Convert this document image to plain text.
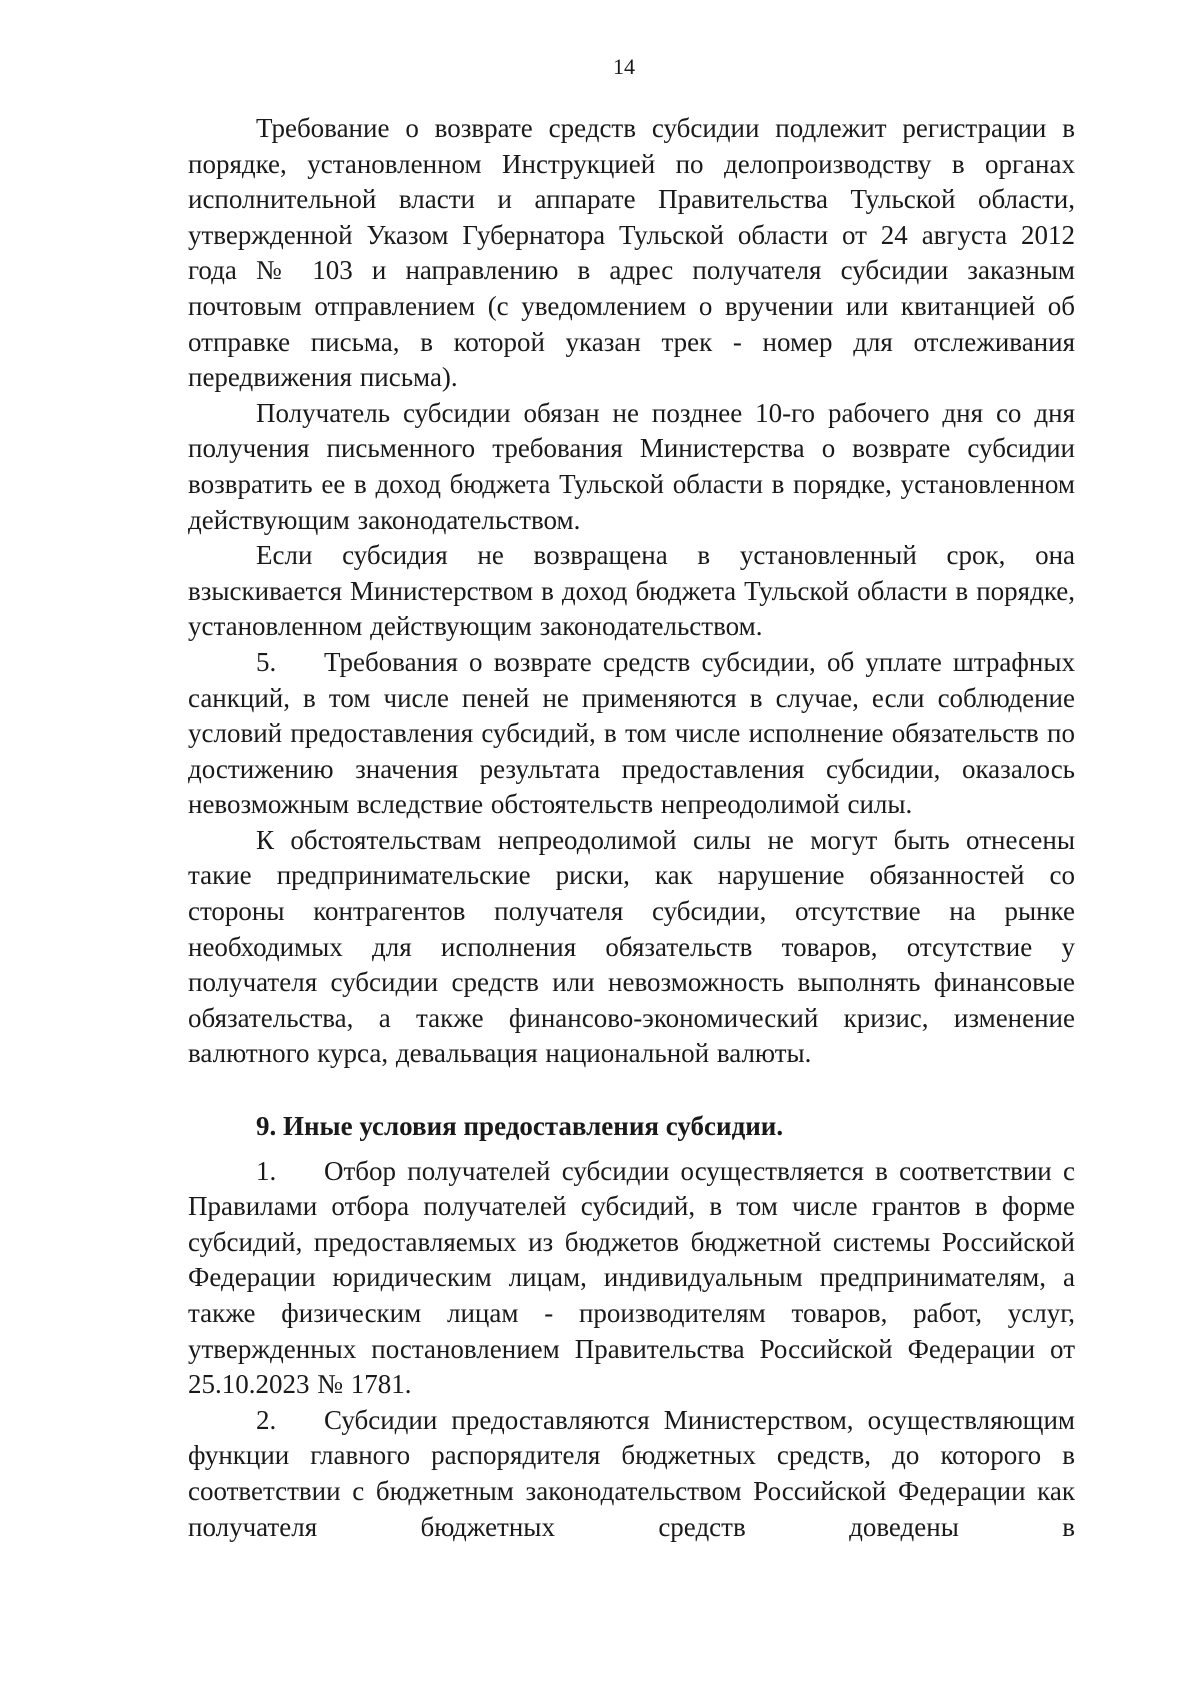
14

Требование о возврате средств субсидии подлежит регистрации в порядке, установленном Инструкцией по делопроизводству в органах исполнительной власти и аппарате Правительства Тульской области, утвержденной Указом Губернатора Тульской области от 24 августа 2012 года № 103 и направлению в адрес получателя субсидии заказным почтовым отправлением (с уведомлением о вручении или квитанцией об отправке письма, в которой указан трек - номер для отслеживания передвижения письма).

Получатель субсидии обязан не позднее 10-го рабочего дня со дня получения письменного требования Министерства о возврате субсидии возвратить ее в доход бюджета Тульской области в порядке, установленном действующим законодательством.

Если субсидия не возвращена в установленный срок, она взыскивается Министерством в доход бюджета Тульской области в порядке, установленном действующим законодательством.

5. Требования о возврате средств субсидии, об уплате штрафных санкций, в том числе пеней не применяются в случае, если соблюдение условий предоставления субсидий, в том числе исполнение обязательств по достижению значения результата предоставления субсидии, оказалось невозможным вследствие обстоятельств непреодолимой силы.

К обстоятельствам непреодолимой силы не могут быть отнесены такие предпринимательские риски, как нарушение обязанностей со стороны контрагентов получателя субсидии, отсутствие на рынке необходимых для исполнения обязательств товаров, отсутствие у получателя субсидии средств или невозможность выполнять финансовые обязательства, а также финансово-экономический кризис, изменение валютного курса, девальвация национальной валюты.

9. Иные условия предоставления субсидии.

1. Отбор получателей субсидии осуществляется в соответствии с Правилами отбора получателей субсидий, в том числе грантов в форме субсидий, предоставляемых из бюджетов бюджетной системы Российской Федерации юридическим лицам, индивидуальным предпринимателям, а также физическим лицам - производителям товаров, работ, услуг, утвержденных постановлением Правительства Российской Федерации от 25.10.2023 № 1781.

2. Субсидии предоставляются Министерством, осуществляющим функции главного распорядителя бюджетных средств, до которого в соответствии с бюджетным законодательством Российской Федерации как получателя бюджетных средств доведены в
